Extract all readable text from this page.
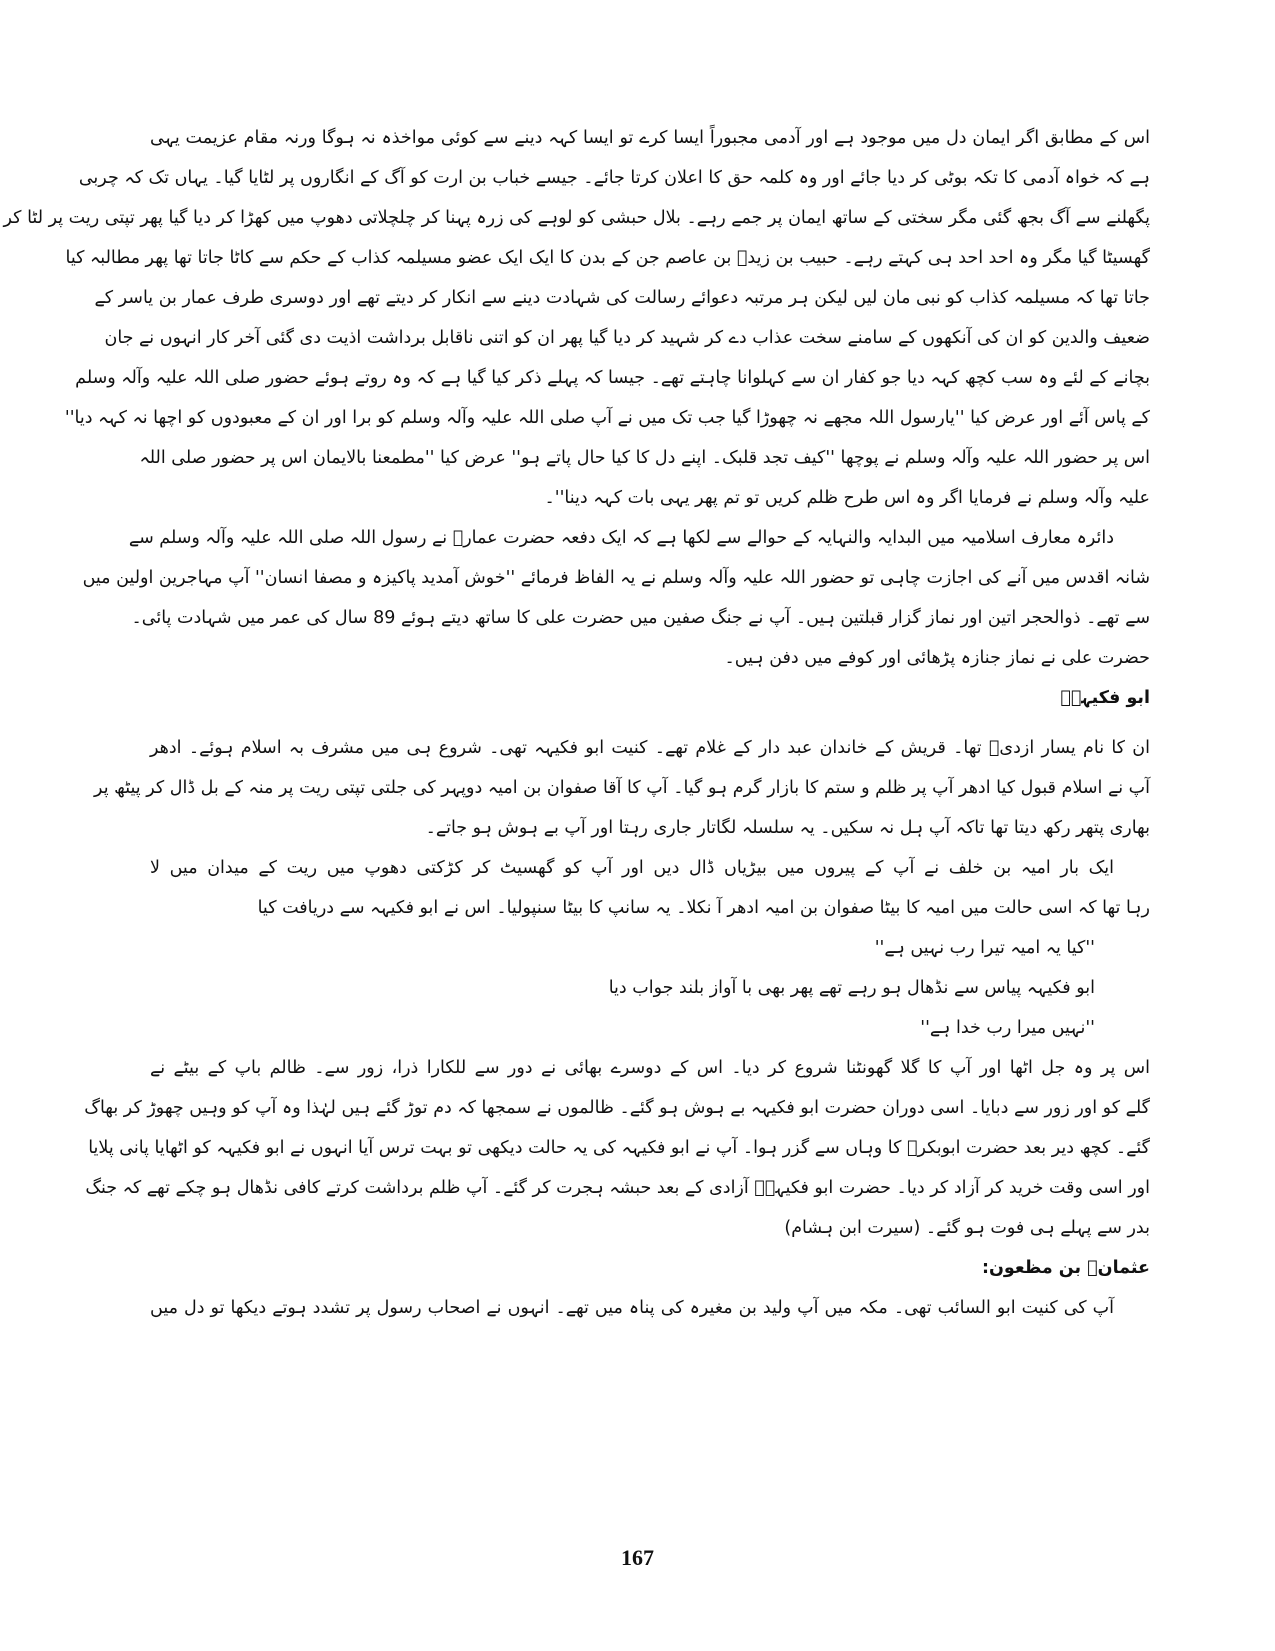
اس کے مطابق اگر ایمان دل میں موجود ہے اور آدمی مجبوراً ایسا کرے تو ایسا کہہ دینے سے کوئی مواخذہ نہ ہوگا ورنہ مقام عزیمت یہی
ہے کہ خواہ آدمی کا تکہ بوٹی کر دیا جائے اور وہ کلمہ حق کا اعلان کرتا جائے۔ جیسے خباب بن ارت کو آگ کے انگاروں پر لٹایا گیا۔ یہاں تک کہ چربی
پگھلنے سے آگ بجھ گئی مگر سختی کے ساتھ ایمان پر جمے رہے۔ بلال حبشی کو لوہے کی زرہ پہنا کر چلچلاتی دھوپ میں کھڑا کر دیا گیا پھر تپتی ریت پر لٹا کر
گھسیٹا گیا مگر وہ احد احد ہی کہتے رہے۔ حبیب بن زیدؓ بن عاصم جن کے بدن کا ایک ایک عضو مسیلمہ کذاب کے حکم سے کاٹا جاتا تھا پھر مطالبہ کیا
جاتا تھا کہ مسیلمہ کذاب کو نبی مان لیں لیکن ہر مرتبہ دعوائے رسالت کی شہادت دینے سے انکار کر دیتے تھے اور دوسری طرف عمار بن یاسر کے
ضعیف والدین کو ان کی آنکھوں کے سامنے سخت عذاب دے کر شہید کر دیا گیا پھر ان کو اتنی ناقابل برداشت اذیت دی گئی آخر کار انہوں نے جان
بچانے کے لئے وہ سب کچھ کہہ دیا جو کفار ان سے کہلوانا چاہتے تھے۔ جیسا کہ پہلے ذکر کیا گیا ہے کہ وہ روتے ہوئے حضور صلی اللہ علیہ وآلہ وسلم
کے پاس آئے اور عرض کیا ''یارسول اللہ مجھے نہ چھوڑا گیا جب تک میں نے آپ صلی اللہ علیہ وآلہ وسلم کو برا اور ان کے معبودوں کو اچھا نہ کہہ دیا''
اس پر حضور اللہ علیہ وآلہ وسلم نے پوچھا ''کیف تجد قلبک۔ اپنے دل کا کیا حال پاتے ہو'' عرض کیا ''مطمعنا بالایمان اس پر حضور صلی اللہ
علیہ وآلہ وسلم نے فرمایا اگر وہ اس طرح ظلم کریں تو تم پھر یہی بات کہہ دینا''۔
دائرہ معارف اسلامیہ میں البدایہ والنہایہ کے حوالے سے لکھا ہے کہ ایک دفعہ حضرت عمارؓ نے رسول اللہ صلی اللہ علیہ وآلہ وسلم سے
شانہ اقدس میں آنے کی اجازت چاہی تو حضور اللہ علیہ وآلہ وسلم نے یہ الفاظ فرمائے ''خوش آمدید پاکیزہ و مصفا انسان'' آپ مہاجرین اولین میں
سے تھے۔ ذوالحجر اتین اور نماز گزار قبلتین ہیں۔ آپ نے جنگ صفین میں حضرت علی کا ساتھ دیتے ہوئے 89 سال کی عمر میں شہادت پائی۔
حضرت علی نے نماز جنازہ پڑھائی اور کوفے میں دفن ہیں۔
ابو فکیہہؓ
ان کا نام یسار ازدیؓ تھا۔ قریش کے خاندان عبد دار کے غلام تھے۔ کنیت ابو فکیہہ تھی۔ شروع ہی میں مشرف بہ اسلام ہوئے۔ ادھر
آپ نے اسلام قبول کیا ادھر آپ پر ظلم و ستم کا بازار گرم ہو گیا۔ آپ کا آقا صفوان بن امیہ دوپہر کی جلتی تپتی ریت پر منہ کے بل ڈال کر پیٹھ پر
بھاری پتھر رکھ دیتا تھا تاکہ آپ ہل نہ سکیں۔ یہ سلسلہ لگاتار جاری رہتا اور آپ بے ہوش ہو جاتے۔
ایک بار امیہ بن خلف نے آپ کے پیروں میں بیڑیاں ڈال دیں اور آپ کو گھسیٹ کر کڑکتی دھوپ میں ریت کے میدان میں لا
رہا تھا کہ اسی حالت میں امیہ کا بیٹا صفوان بن امیہ ادھر آ نکلا۔ یہ سانپ کا بیٹا سنپولیا۔ اس نے ابو فکیہہ سے دریافت کیا
''کیا یہ امیہ تیرا رب نہیں ہے''
ابو فکیہہ پیاس سے نڈھال ہو رہے تھے پھر بھی با آواز بلند جواب دیا
''نہیں میرا رب خدا ہے''
اس پر وہ جل اٹھا اور آپ کا گلا گھونٹنا شروع کر دیا۔ اس کے دوسرے بھائی نے دور سے للکارا ذرا، زور سے۔ ظالم باپ کے بیٹے نے
گلے کو اور زور سے دبایا۔ اسی دوران حضرت ابو فکیہہ بے ہوش ہو گئے۔ ظالموں نے سمجھا کہ دم توڑ گئے ہیں لہٰذا وہ آپ کو وہیں چھوڑ کر بھاگ
گئے۔ کچھ دیر بعد حضرت ابوبکرؓ کا وہاں سے گزر ہوا۔ آپ نے ابو فکیہہ کی یہ حالت دیکھی تو بہت ترس آیا انہوں نے ابو فکیہہ کو اٹھایا پانی پلایا
اور اسی وقت خرید کر آزاد کر دیا۔ حضرت ابو فکیہہؓ آزادی کے بعد حبشہ ہجرت کر گئے۔ آپ ظلم برداشت کرتے کافی نڈھال ہو چکے تھے کہ جنگ
بدر سے پہلے ہی فوت ہو گئے۔ (سیرت ابن ہشام)
عثمانؓ بن مظعون:
آپ کی کنیت ابو السائب تھی۔ مکہ میں آپ ولید بن مغیرہ کی پناہ میں تھے۔ انہوں نے اصحاب رسول پر تشدد ہوتے دیکھا تو دل میں
167
